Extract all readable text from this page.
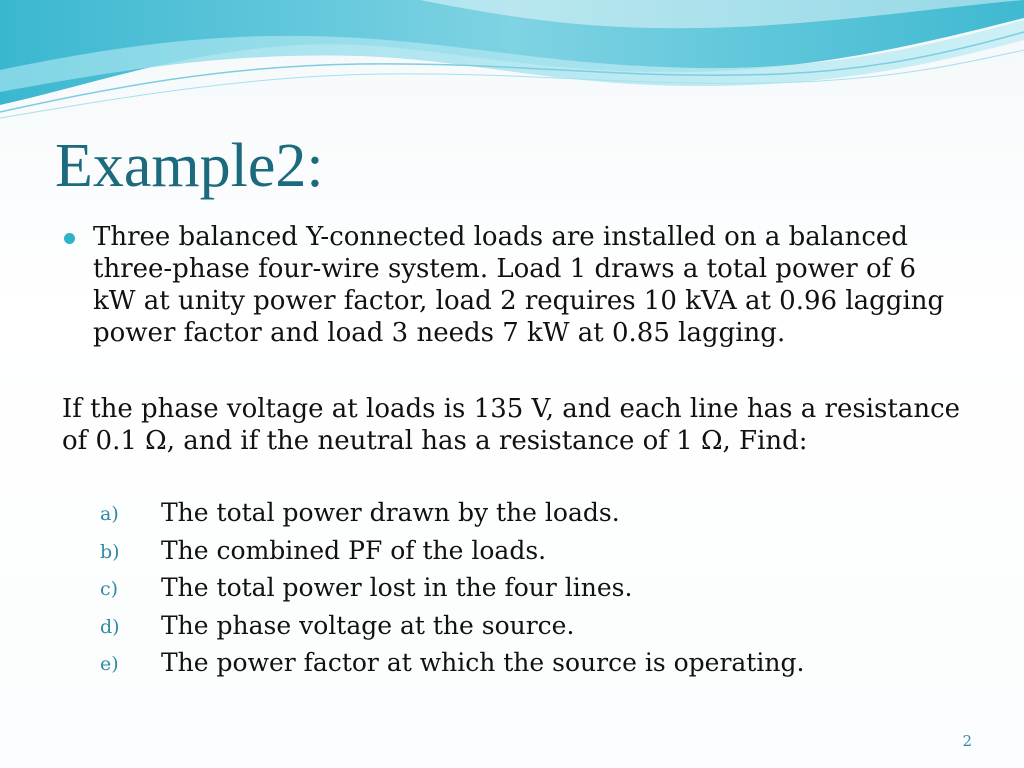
Example2:

Three balanced Y-connected loads are installed on a balanced three-phase four-wire system. Load 1 draws a total power of 6 kW at unity power factor, load 2 requires 10 kVA at 0.96 lagging power factor and load 3 needs 7 kW at 0.85 lagging.

If the phase voltage at loads is 135 V, and each line has a resistance of 0.1 Ω, and if the neutral has a resistance of 1 Ω, Find:

a) The total power drawn by the loads.
b) The combined PF of the loads.
c) The total power lost in the four lines.
d) The phase voltage at the source.
e) The power factor at which the source is operating.
2
